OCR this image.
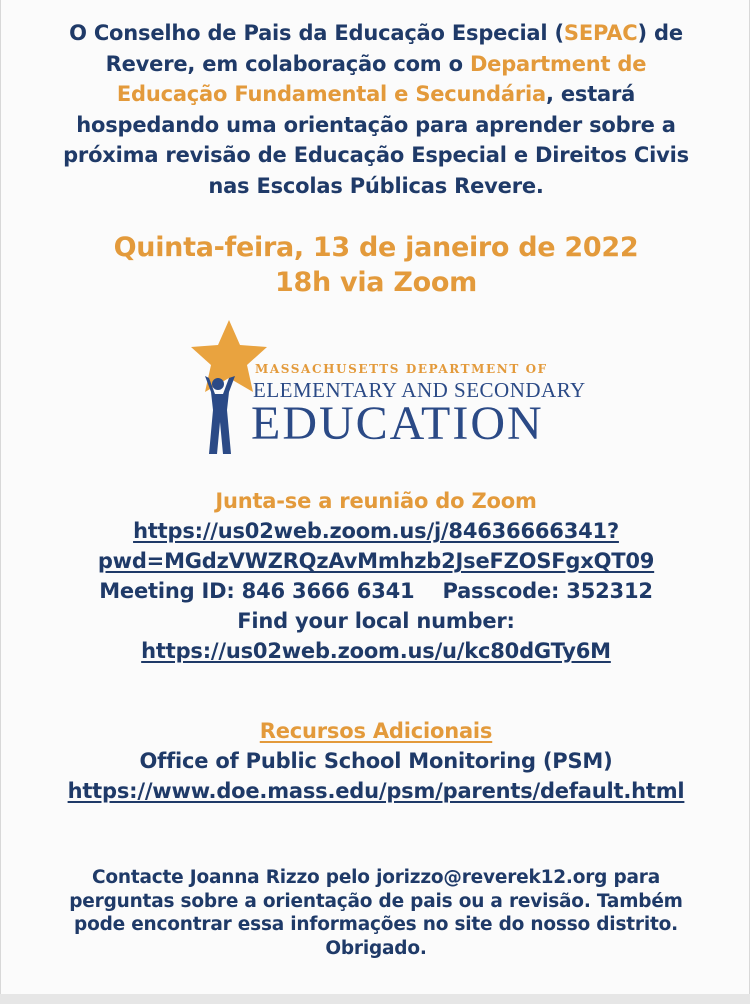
O Conselho de Pais da Educação Especial (SEPAC) de
Revere, em colaboração com o Department de
Educação Fundamental e Secundária, estará
hospedando uma orientação para aprender sobre a
próxima revisão de Educação Especial e Direitos Civis
nas Escolas Públicas Revere.
Quinta-feira, 13 de janeiro de 2022
18h via Zoom
MASSACHUSETTS DEPARTMENT OF
ELEMENTARY AND SECONDARY
EDUCATION
Junta-se a reunião do Zoom
https://us02web.zoom.us/j/84636666341?
pwd=MGdzVWZRQzAvMmhzb2JseFZOSFgxQT09
Meeting ID: 846 3666 6341 Passcode: 352312
Find your local number:
https://us02web.zoom.us/u/kc80dGTy6M
Recursos Adicionais
Office of Public School Monitoring (PSM)
https://www.doe.mass.edu/psm/parents/default.html
Contacte Joanna Rizzo pelo jorizzo@reverek12.org para
perguntas sobre a orientação de pais ou a revisão. Também
pode encontrar essa informações no site do nosso distrito.
Obrigado.
